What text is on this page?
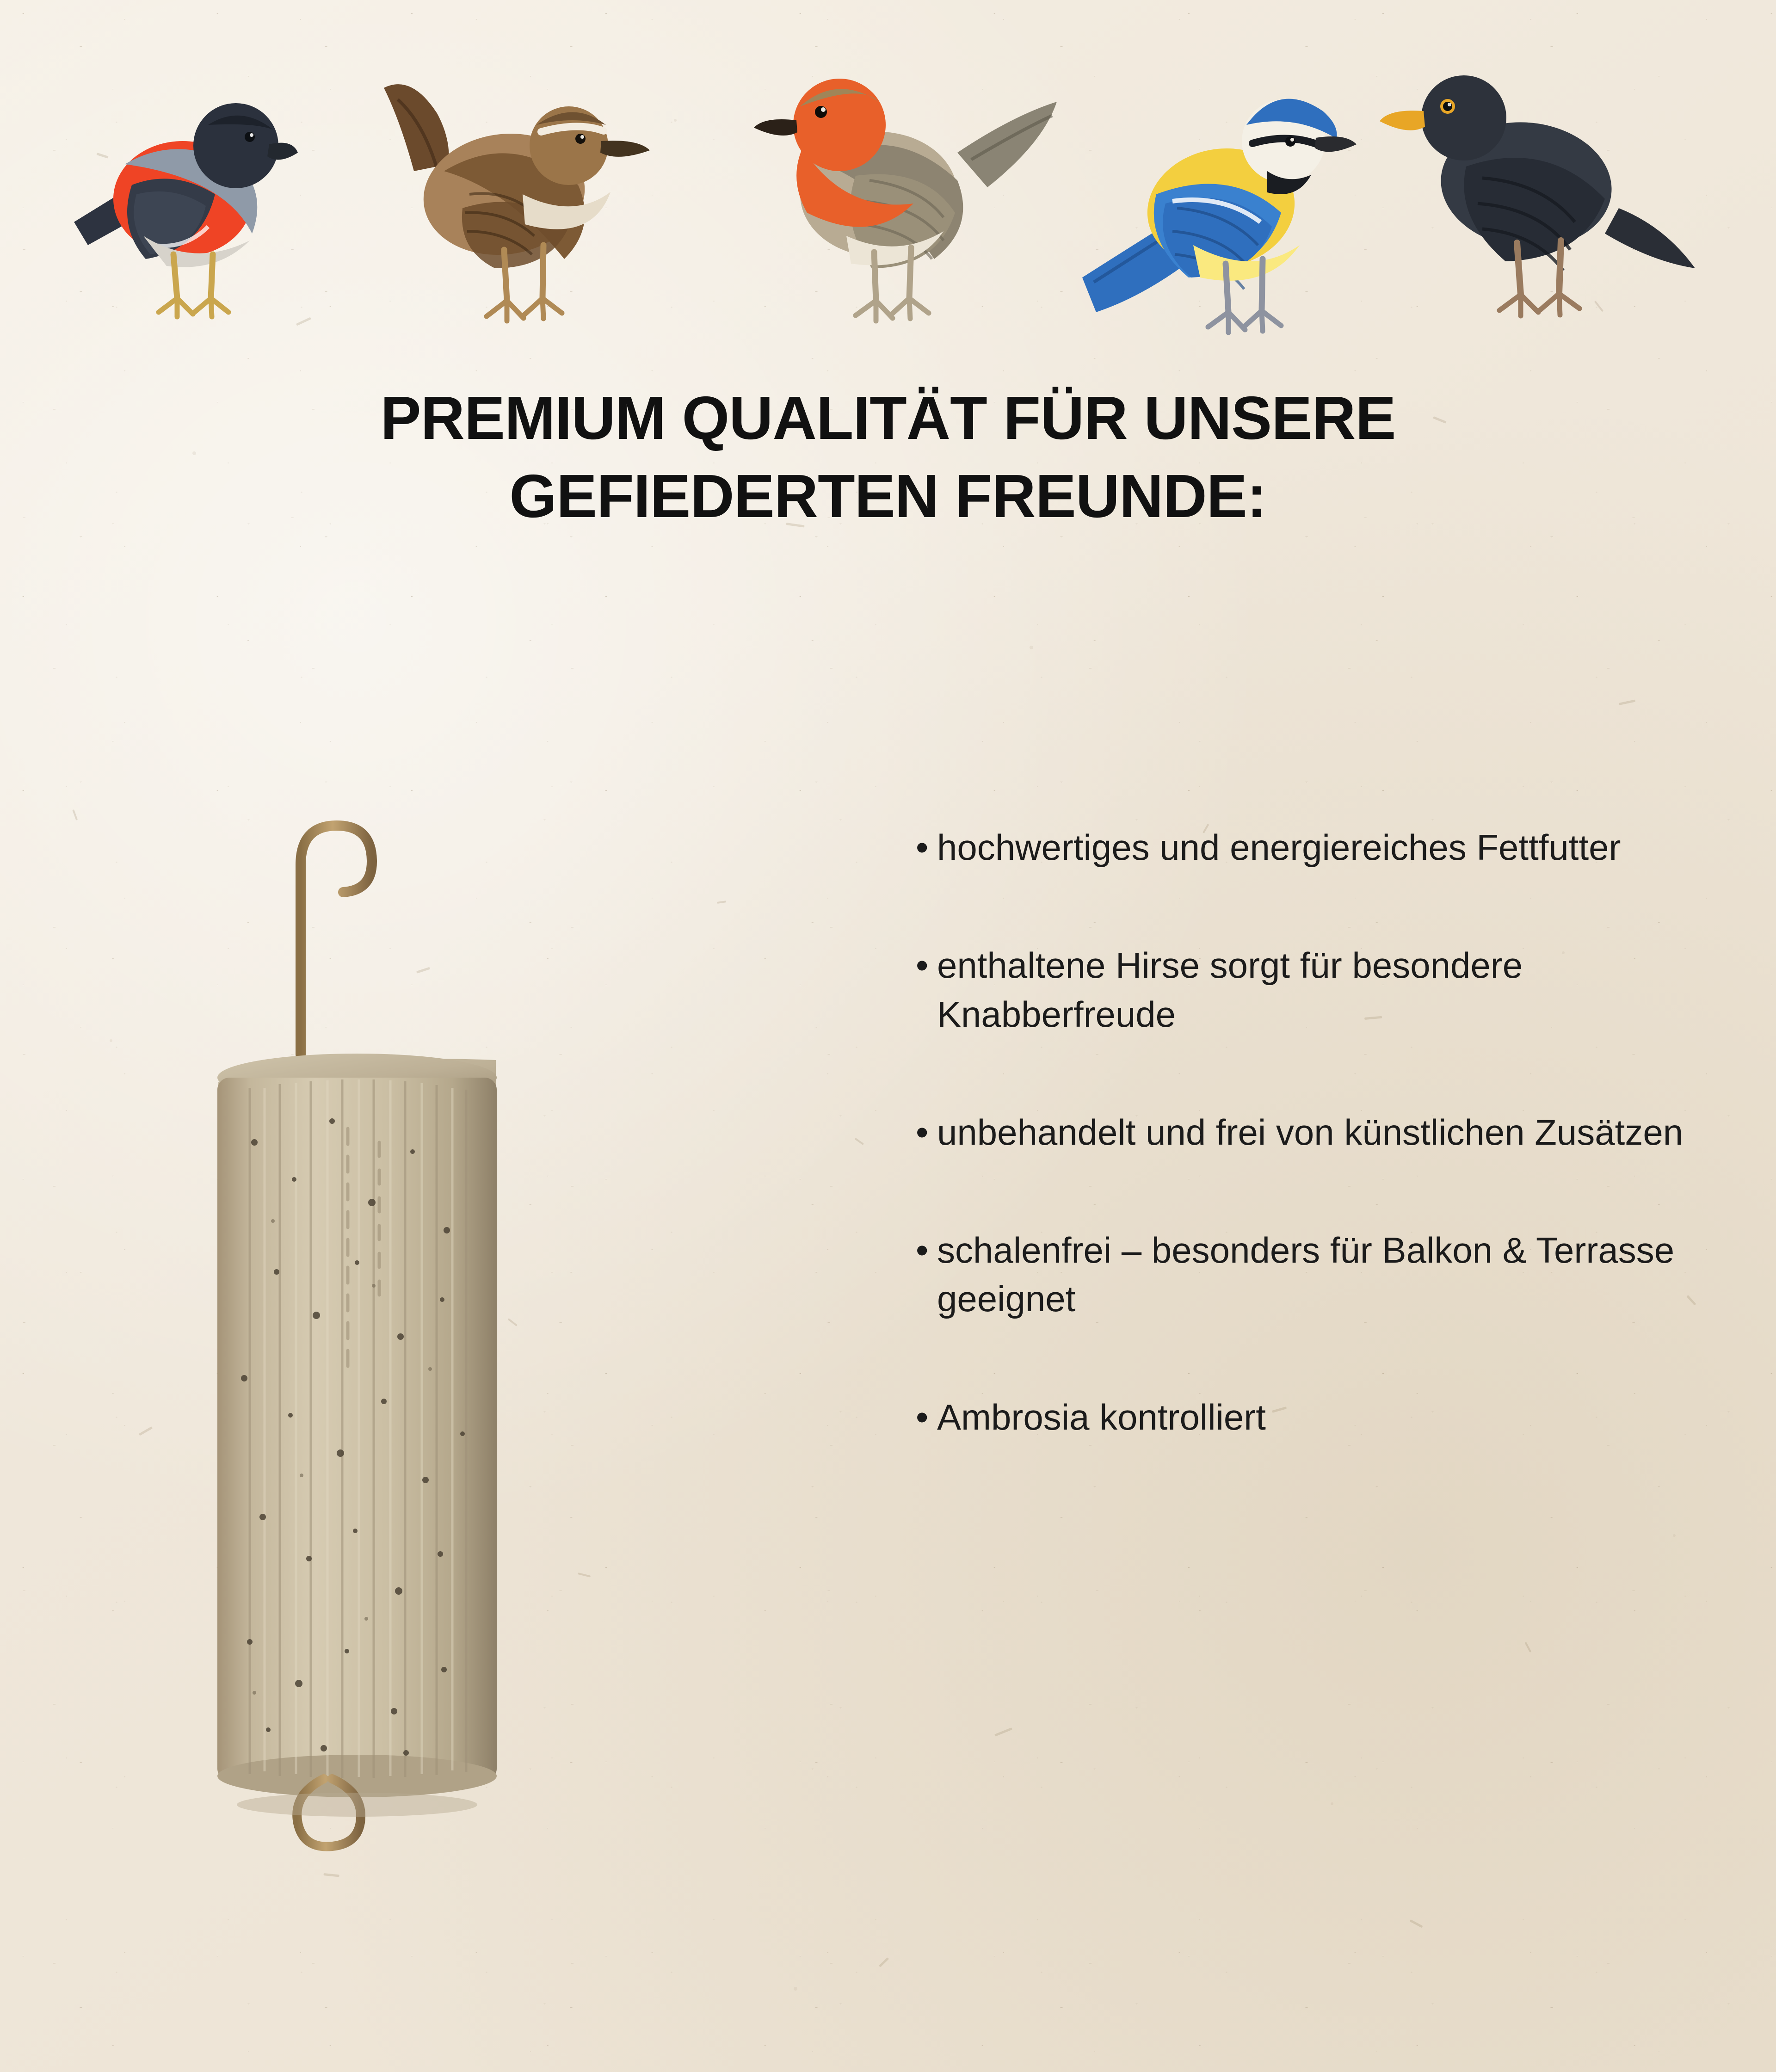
PREMIUM QUALITÄT FÜR UNSERE
GEFIEDERTEN FREUNDE:
• hochwertiges und energiereiches Fettfutter
• enthaltene Hirse sorgt für besondere Knabberfreude
• unbehandelt und frei von künstlichen Zusätzen
• schalenfrei – besonders für Balkon & Terrasse geeignet
• Ambrosia kontrolliert
